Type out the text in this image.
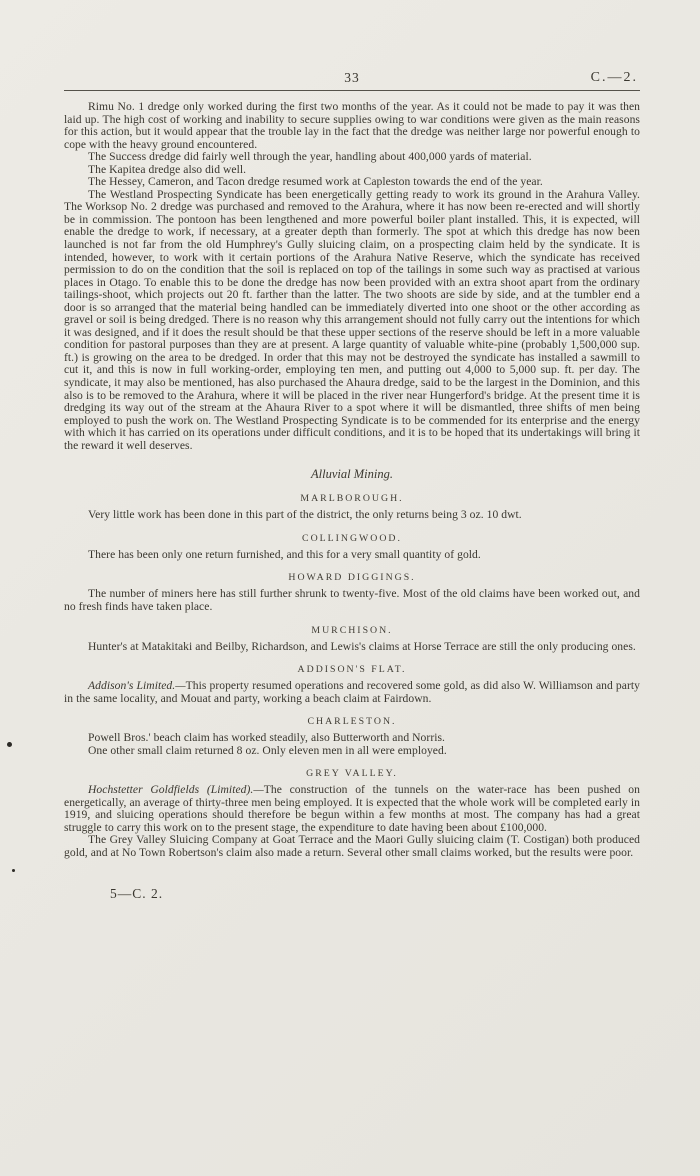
33	C.—2.

Rimu No. 1 dredge only worked during the first two months of the year. As it could not be made to pay it was then laid up. The high cost of working and inability to secure supplies owing to war conditions were given as the main reasons for this action, but it would appear that the trouble lay in the fact that the dredge was neither large nor powerful enough to cope with the heavy ground encountered.

The Success dredge did fairly well through the year, handling about 400,000 yards of material.

The Kapitea dredge also did well.

The Hessey, Cameron, and Tacon dredge resumed work at Capleston towards the end of the year.

The Westland Prospecting Syndicate has been energetically getting ready to work its ground in the Arahura Valley. The Worksop No. 2 dredge was purchased and removed to the Arahura, where it has now been re-erected and will shortly be in commission. The pontoon has been lengthened and more powerful boiler plant installed. This, it is expected, will enable the dredge to work, if necessary, at a greater depth than formerly. The spot at which this dredge has now been launched is not far from the old Humphrey's Gully sluicing claim, on a prospecting claim held by the syndicate. It is intended, however, to work with it certain portions of the Arahura Native Reserve, which the syndicate has received permission to do on the condition that the soil is replaced on top of the tailings in some such way as practised at various places in Otago. To enable this to be done the dredge has now been provided with an extra shoot apart from the ordinary tailings-shoot, which projects out 20 ft. farther than the latter. The two shoots are side by side, and at the tumbler end a door is so arranged that the material being handled can be immediately diverted into one shoot or the other according as gravel or soil is being dredged. There is no reason why this arrangement should not fully carry out the intentions for which it was designed, and if it does the result should be that these upper sections of the reserve should be left in a more valuable condition for pastoral purposes than they are at present. A large quantity of valuable white-pine (probably 1,500,000 sup. ft.) is growing on the area to be dredged. In order that this may not be destroyed the syndicate has installed a sawmill to cut it, and this is now in full working-order, employing ten men, and putting out 4,000 to 5,000 sup. ft. per day. The syndicate, it may also be mentioned, has also purchased the Ahaura dredge, said to be the largest in the Dominion, and this also is to be removed to the Arahura, where it will be placed in the river near Hungerford's bridge. At the present time it is dredging its way out of the stream at the Ahaura River to a spot where it will be dismantled, three shifts of men being employed to push the work on. The Westland Prospecting Syndicate is to be commended for its enterprise and the energy with which it has carried on its operations under difficult conditions, and it is to be hoped that its undertakings will bring it the reward it well deserves.

Alluvial Mining.
MARLBOROUGH.

Very little work has been done in this part of the district, the only returns being 3 oz. 10 dwt.

COLLINGWOOD.

There has been only one return furnished, and this for a very small quantity of gold.

HOWARD DIGGINGS.

The number of miners here has still further shrunk to twenty-five. Most of the old claims have been worked out, and no fresh finds have taken place.

MURCHISON.

Hunter's at Matakitaki and Beilby, Richardson, and Lewis's claims at Horse Terrace are still the only producing ones.

ADDISON'S FLAT.

Addison's Limited.—This property resumed operations and recovered some gold, as did also W. Williamson and party in the same locality, and Mouat and party, working a beach claim at Fairdown.

CHARLESTON.

Powell Bros.' beach claim has worked steadily, also Butterworth and Norris.

One other small claim returned 8 oz. Only eleven men in all were employed.

GREY VALLEY.

Hochstetter Goldfields (Limited).—The construction of the tunnels on the water-race has been pushed on energetically, an average of thirty-three men being employed. It is expected that the whole work will be completed early in 1919, and sluicing operations should therefore be begun within a few months at most. The company has had a great struggle to carry this work on to the present stage, the expenditure to date having been about £100,000.

The Grey Valley Sluicing Company at Goat Terrace and the Maori Gully sluicing claim (T. Costigan) both produced gold, and at No Town Robertson's claim also made a return. Several other small claims worked, but the results were poor.

5—C. 2.
